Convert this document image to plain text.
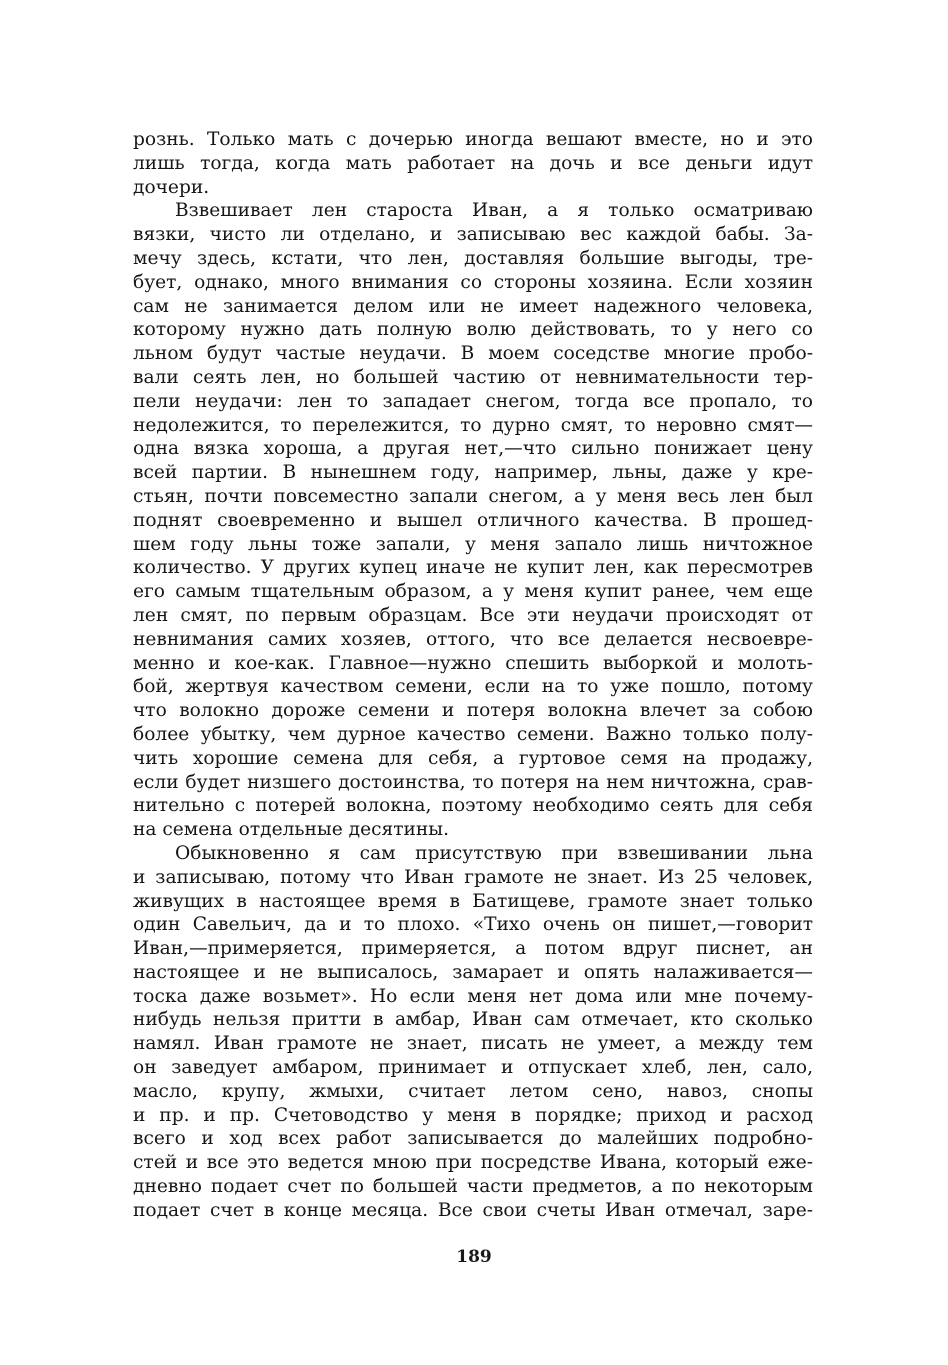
рознь. Только мать с дочерью иногда вешают вместе, но и это
лишь тогда, когда мать работает на дочь и все деньги идут
дочери.
Взвешивает лен староста Иван, а я только осматриваю
вязки, чисто ли отделано, и записываю вес каждой бабы. За-
мечу здесь, кстати, что лен, доставляя большие выгоды, тре-
бует, однако, много внимания со стороны хозяина. Если хозяин
сам не занимается делом или не имеет надежного человека,
которому нужно дать полную волю действовать, то у него со
льном будут частые неудачи. В моем соседстве многие пробо-
вали сеять лен, но большей частию от невнимательности тер-
пели неудачи: лен то западает снегом, тогда все пропало, то
недолежится, то перележится, то дурно смят, то неровно смят—
одна вязка хороша, а другая нет,—что сильно понижает цену
всей партии. В нынешнем году, например, льны, даже у кре-
стьян, почти повсеместно запали снегом, а у меня весь лен был
поднят своевременно и вышел отличного качества. В прошед-
шем году льны тоже запали, у меня запало лишь ничтожное
количество. У других купец иначе не купит лен, как пересмотрев
его самым тщательным образом, а у меня купит ранее, чем еще
лен смят, по первым образцам. Все эти неудачи происходят от
невнимания самих хозяев, оттого, что все делается несвоевре-
менно и кое-как. Главное—нужно спешить выборкой и молоть-
бой, жертвуя качеством семени, если на то уже пошло, потому
что волокно дороже семени и потеря волокна влечет за собою
более убытку, чем дурное качество семени. Важно только полу-
чить хорошие семена для себя, а гуртовое семя на продажу,
если будет низшего достоинства, то потеря на нем ничтожна, срав-
нительно с потерей волокна, поэтому необходимо сеять для себя
на семена отдельные десятины.
Обыкновенно я сам присутствую при взвешивании льна
и записываю, потому что Иван грамоте не знает. Из 25 человек,
живущих в настоящее время в Батищеве, грамоте знает только
один Савельич, да и то плохо. «Тихо очень он пишет,—говорит
Иван,—примеряется, примеряется, а потом вдруг писнет, ан
настоящее и не выписалось, замарает и опять налаживается—
тоска даже возьмет». Но если меня нет дома или мне почему-
нибудь нельзя притти в амбар, Иван сам отмечает, кто сколько
намял. Иван грамоте не знает, писать не умеет, а между тем
он заведует амбаром, принимает и отпускает хлеб, лен, сало,
масло, крупу, жмыхи, считает летом сено, навоз, снопы
и пр. и пр. Счетоводство у меня в порядке; приход и расход
всего и ход всех работ записывается до малейших подробно-
стей и все это ведется мною при посредстве Ивана, который еже-
дневно подает счет по большей части предметов, а по некоторым
подает счет в конце месяца. Все свои счеты Иван отмечал, заре-
189
